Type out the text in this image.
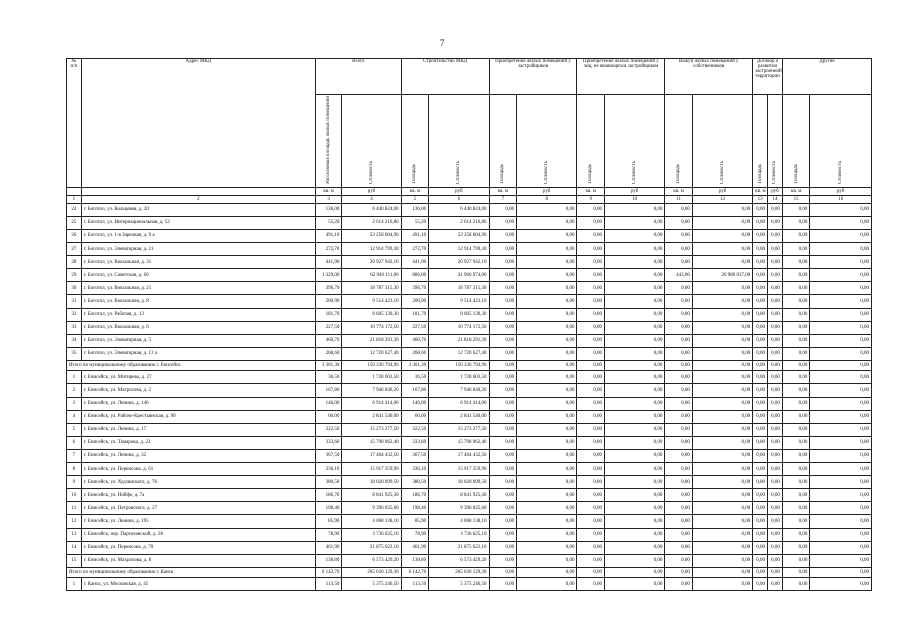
7
№ п/п	Адрес МКД	Всего		Строительство МКД		Приобретение жилых помещений у застройщиков		Приобретение жилых помещений у лиц, не являющихся застройщиком		Выкуп жилых помещений у собственников		Договор о развитии застроенной территории		Другие	
		Расселяемая площадь жилых помещений	Стоимость	Площадь	Стоимость	Площадь	Стоимость	Площадь	Стоимость	Площадь	Стоимость	Площадь	Стоимость	Площадь	Стоимость
		кв. м	руб	кв. м	руб	кв. м	руб	кв. м	руб	кв. м	руб	кв. м	руб	кв. м	руб
1	2	3	4	5	6	7	8	9	10	11	12	13	14	15	16
24	г. Боготол, ул. Кольцевая, д. 20	136,00	6 440 824,00	136,00	6 440 824,00	0,00	0,00	0,00	0,00	0,00	0,00	0,00	0,00	0,00	0,00
25	г. Боготол, ул. Интернациональная, д. 52	55,20	2 614 216,80	55,20	2 614 216,80	0,00	0,00	0,00	0,00	0,00	0,00	0,00	0,00	0,00	0,00
26	г. Боготол, ул. 1-я Заречная, д. 9 а	491,10	23 258 004,90	491,10	23 258 004,90	0,00	0,00	0,00	0,00	0,00	0,00	0,00	0,00	0,00	0,00
27	г. Боготол, ул. Элеваторная, д. 21	272,70	12 914 799,30	272,70	12 914 799,30	0,00	0,00	0,00	0,00	0,00	0,00	0,00	0,00	0,00	0,00
28	г. Боготол, ул. Вокзальная, д. 31	441,90	20 927 942,10	441,90	20 927 942,10	0,00	0,00	0,00	0,00	0,00	0,00	0,00	0,00	0,00	0,00
29	г. Боготол, ул. Советская, д. 60	1 329,00	62 940 111,00	886,00	41 960 074,00	0,00	0,00	0,00	0,00	443,00	20 980 037,00	0,00	0,00	0,00	0,00
30	г. Боготол, ул. Вокзальная, д. 21	396,70	18 787 315,30	396,70	18 787 315,30	0,00	0,00	0,00	0,00	0,00	0,00	0,00	0,00	0,00	0,00
31	г. Боготол, ул. Вокзальная, д. 8	200,90	9 514 423,10	200,90	9 514 423,10	0,00	0,00	0,00	0,00	0,00	0,00	0,00	0,00	0,00	0,00
32	г. Боготол, ул. Рабочая, д. 13	181,70	8 605 130,30	181,70	8 605 130,30	0,00	0,00	0,00	0,00	0,00	0,00	0,00	0,00	0,00	0,00
33	г. Боготол, ул. Вокзальная, д. 6	227,50	10 774 172,50	227,50	10 774 172,50	0,00	0,00	0,00	0,00	0,00	0,00	0,00	0,00	0,00	0,00
34	г. Боготол, ул. Элеваторная, д. 5	460,70	21 818 291,30	460,70	21 818 291,30	0,00	0,00	0,00	0,00	0,00	0,00	0,00	0,00	0,00	0,00
35	г. Боготол, ул. Элеваторная, д. 13 а	268,60	12 720 627,40	268,60	12 720 627,40	0,00	0,00	0,00	0,00	0,00	0,00	0,00	0,00	0,00	0,00
Итого по муниципальному образованию г. Енисейск		3 301,30	156 336 794,90	3 301,30	156 336 794,90	0,00	0,00	0,00	0,00	0,00	0,00	0,00	0,00	0,00	0,00
1	г. Енисейск, ул. Митирева, д. 27	36,50	1 728 603,50	36,50	1 728 603,50	0,00	0,00	0,00	0,00	0,00	0,00	0,00	0,00	0,00	0,00
2	г. Енисейск, ул. Матросова, д. 2	167,80	7 946 840,20	167,80	7 946 840,20	0,00	0,00	0,00	0,00	0,00	0,00	0,00	0,00	0,00	0,00
3	г. Енисейск, ул. Ленина, д. 146	146,00	6 914 414,00	146,00	6 914 414,00	0,00	0,00	0,00	0,00	0,00	0,00	0,00	0,00	0,00	0,00
4	г. Енисейск, ул. Рабоче-Крестьянская, д. 90	60,00	2 841 540,00	60,00	2 841 540,00	0,00	0,00	0,00	0,00	0,00	0,00	0,00	0,00	0,00	0,00
5	г. Енисейск, ул. Ленина, д. 17	322,50	15 273 277,50	322,50	15 273 277,50	0,00	0,00	0,00	0,00	0,00	0,00	0,00	0,00	0,00	0,00
6	г. Енисейск, ул. Тамарова, д. 23	333,60	15 798 962,40	333,60	15 798 962,40	0,00	0,00	0,00	0,00	0,00	0,00	0,00	0,00	0,00	0,00
7	г. Енисейск, ул. Ленина, д. 32	367,50	17 404 432,50	367,50	17 404 432,50	0,00	0,00	0,00	0,00	0,00	0,00	0,00	0,00	0,00	0,00
8	г. Енисейск, ул. Перенсона, д. 61	336,10	15 917 359,90	336,10	15 917 359,90	0,00	0,00	0,00	0,00	0,00	0,00	0,00	0,00	0,00	0,00
9	г. Енисейск, ул. Худзинского, д. 76	380,50	18 020 099,50	380,50	18 020 099,50	0,00	0,00	0,00	0,00	0,00	0,00	0,00	0,00	0,00	0,00
10	г. Енисейск, ул. Нойфе, д. 7а	186,70	8 841 925,30	186,70	8 841 925,30	0,00	0,00	0,00	0,00	0,00	0,00	0,00	0,00	0,00	0,00
11	г. Енисейск, ул. Петровского, д. 27	198,40	9 396 025,60	198,40	9 396 025,60	0,00	0,00	0,00	0,00	0,00	0,00	0,00	0,00	0,00	0,00
12	г. Енисейск, ул. Ленина, д. 195	85,90	4 068 138,10	85,90	4 068 138,10	0,00	0,00	0,00	0,00	0,00	0,00	0,00	0,00	0,00	0,00
13	г. Енисейск, пер. Партизанский, д. 28	78,90	3 736 625,10	78,90	3 736 625,10	0,00	0,00	0,00	0,00	0,00	0,00	0,00	0,00	0,00	0,00
14	г. Енисейск, ул. Перенсона, д. 70	461,90	21 875 622,10	461,90	21 875 622,10	0,00	0,00	0,00	0,00	0,00	0,00	0,00	0,00	0,00	0,00
15	г. Енисейск, ул. Махрохова, д. 8	138,80	6 573 429,20	138,80	6 573 429,20	0,00	0,00	0,00	0,00	0,00	0,00	0,00	0,00	0,00	0,00
Итого по муниципальному образованию г. Канск		6 142,70	265 630 129,30	6 142,70	265 630 129,30	0,00	0,00	0,00	0,00	0,00	0,00	0,00	0,00	0,00	0,00
1	г. Канск, ул. Московская, д. 45	113,50	5 375 246,50	113,50	5 375 246,50	0,00	0,00	0,00	0,00	0,00	0,00	0,00	0,00	0,00	0,00
